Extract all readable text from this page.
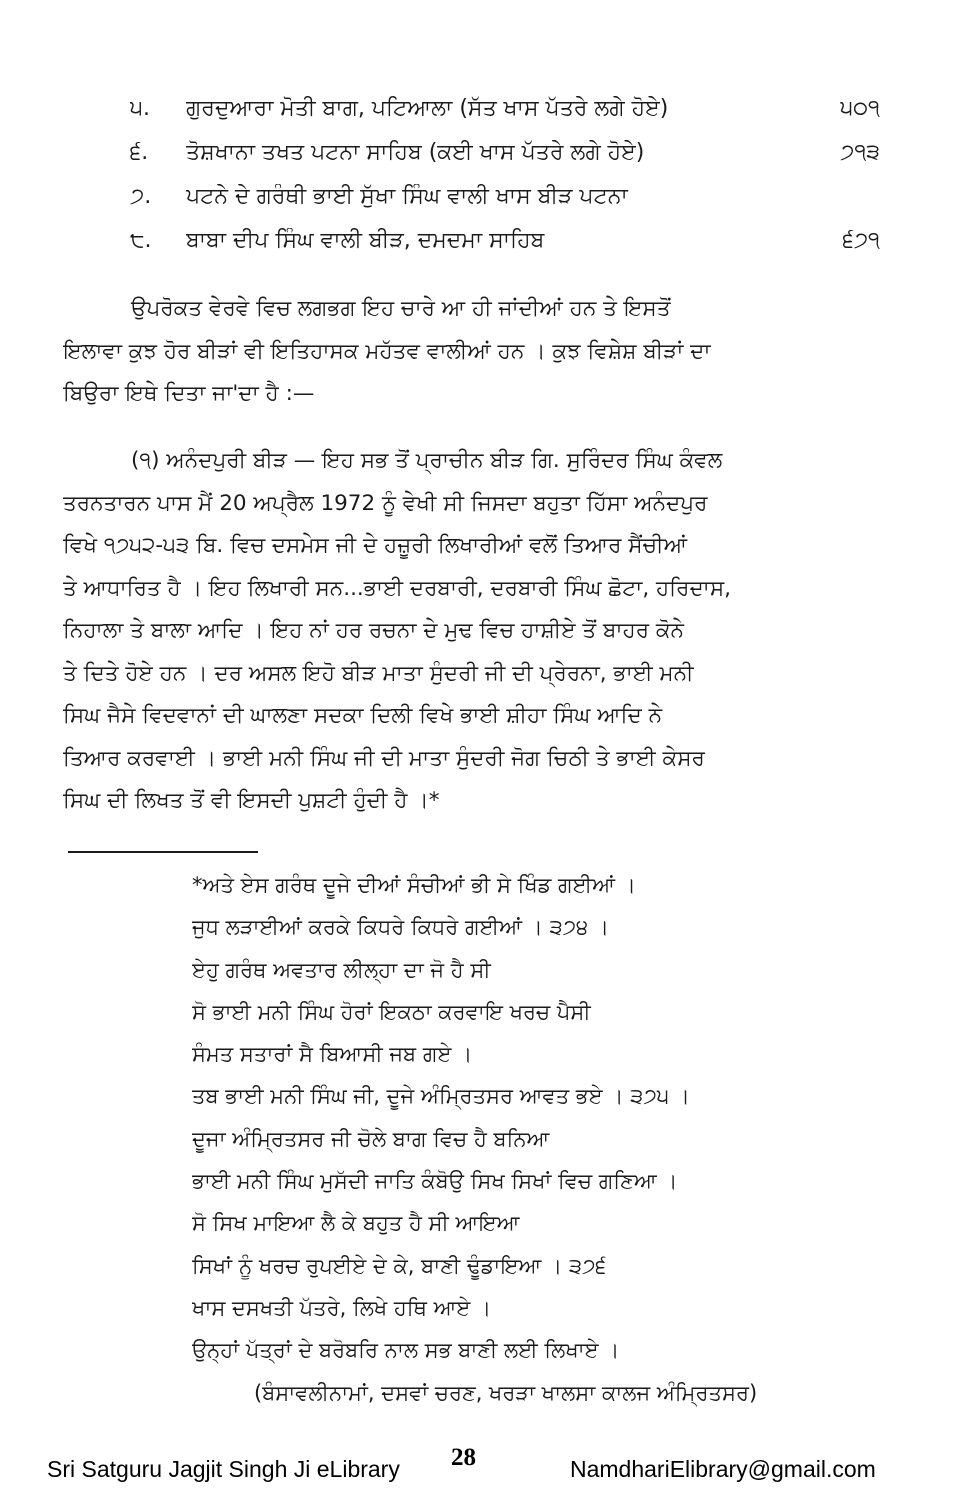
੫.	ਗੁਰਦੁਆਰਾ ਮੋਤੀ ਬਾਗ, ਪਟਿਆਲਾ (ਸੱਤ ਖਾਸ ਪੱਤਰੇ ਲਗੇ ਹੋਏ)	੫੦੧
੬.	ਤੋਸ਼ਖਾਨਾ ਤਖਤ ਪਟਨਾ ਸਾਹਿਬ (ਕਈ ਖਾਸ ਪੱਤਰੇ ਲਗੇ ਹੋਏ)	੭੧੩
੭.	ਪਟਨੇ ਦੇ ਗਰੰਥੀ ਭਾਈ ਸੁੱਖਾ ਸਿੰਘ ਵਾਲੀ ਖਾਸ ਬੀੜ ਪਟਨਾ
੮.	ਬਾਬਾ ਦੀਪ ਸਿੰਘ ਵਾਲੀ ਬੀੜ, ਦਮਦਮਾ ਸਾਹਿਬ	੬੭੧
ਉਪਰੋਕਤ ਵੇਰਵੇ ਵਿਚ ਲਗਭਗ ਇਹ ਚਾਰੇ ਆ ਹੀ ਜਾਂਦੀਆਂ ਹਨ ਤੇ ਇਸਤੋਂ
ਇਲਾਵਾ ਕੁਝ ਹੋਰ ਬੀੜਾਂ ਵੀ ਇਤਿਹਾਸਕ ਮਹੱਤਵ ਵਾਲੀਆਂ ਹਨ । ਕੁਝ ਵਿਸ਼ੇਸ਼ ਬੀੜਾਂ ਦਾ
ਬਿਉਰਾ ਇਥੇ ਦਿਤਾ ਜਾ'ਦਾ ਹੈ :—
(੧) ਅਨੰਦਪੁਰੀ ਬੀੜ — ਇਹ ਸਭ ਤੋਂ ਪ੍ਰਾਚੀਨ ਬੀੜ ਗਿ. ਸੁਰਿੰਦਰ ਸਿੰਘ ਕੰਵਲ
ਤਰਨਤਾਰਨ ਪਾਸ ਮੈਂ 20 ਅਪ੍ਰੈਲ 1972 ਨੂੰ ਵੇਖੀ ਸੀ ਜਿਸਦਾ ਬਹੁਤਾ ਹਿੱਸਾ ਅਨੰਦਪੁਰ
ਵਿਖੇ ੧੭੫੨-੫੩ ਬਿ. ਵਿਚ ਦਸਮੇਸ ਜੀ ਦੇ ਹਜ਼ੂਰੀ ਲਿਖਾਰੀਆਂ ਵਲੋਂ ਤਿਆਰ ਸੈਂਚੀਆਂ
ਤੇ ਆਧਾਰਿਤ ਹੈ । ਇਹ ਲਿਖਾਰੀ ਸਨ...ਭਾਈ ਦਰਬਾਰੀ, ਦਰਬਾਰੀ ਸਿੰਘ ਛੋਟਾ, ਹਰਿਦਾਸ,
ਨਿਹਾਲਾ ਤੇ ਬਾਲਾ ਆਦਿ । ਇਹ ਨਾਂ ਹਰ ਰਚਨਾ ਦੇ ਮੁਢ ਵਿਚ ਹਾਸ਼ੀਏ ਤੋਂ ਬਾਹਰ ਕੋਨੇ
ਤੇ ਦਿਤੇ ਹੋਏ ਹਨ । ਦਰ ਅਸਲ ਇਹੋ ਬੀੜ ਮਾਤਾ ਸੁੰਦਰੀ ਜੀ ਦੀ ਪ੍ਰੇਰਨਾ, ਭਾਈ ਮਨੀ
ਸਿਘ ਜੈਸੇ ਵਿਦਵਾਨਾਂ ਦੀ ਘਾਲਣਾ ਸਦਕਾ ਦਿਲੀ ਵਿਖੇ ਭਾਈ ਸ਼ੀਹਾ ਸਿੰਘ ਆਦਿ ਨੇ
ਤਿਆਰ ਕਰਵਾਈ । ਭਾਈ ਮਨੀ ਸਿੰਘ ਜੀ ਦੀ ਮਾਤਾ ਸੁੰਦਰੀ ਜੋਗ ਚਿਠੀ ਤੇ ਭਾਈ ਕੇਸਰ
ਸਿਘ ਦੀ ਲਿਖਤ ਤੋਂ ਵੀ ਇਸਦੀ ਪੁਸ਼ਟੀ ਹੁੰਦੀ ਹੈ ।*
*ਅਤੇ ਏਸ ਗਰੰਥ ਦੂਜੇ ਦੀਆਂ ਸੰਚੀਆਂ ਭੀ ਸੇ ਖਿੰਡ ਗਈਆਂ ।
ਜੁਧ ਲੜਾਈਆਂ ਕਰਕੇ ਕਿਧਰੇ ਕਿਧਰੇ ਗਈਆਂ । ੩੭੪ ।
ਏਹੁ ਗਰੰਥ ਅਵਤਾਰ ਲੀਲ੍ਹਾ ਦਾ ਜੋ ਹੈ ਸੀ
ਸੋ ਭਾਈ ਮਨੀ ਸਿੰਘ ਹੋਰਾਂ ਇਕਠਾ ਕਰਵਾਇ ਖਰਚ ਪੈਸੀ
ਸੰਮਤ ਸਤਾਰਾਂ ਸੈ ਬਿਆਸੀ ਜਬ ਗਏ ।
ਤਬ ਭਾਈ ਮਨੀ ਸਿੰਘ ਜੀ, ਦੂਜੇ ਅੰਮ੍ਰਿਤਸਰ ਆਵਤ ਭਏ । ੩੭੫ ।
ਦੂਜਾ ਅੰਮ੍ਰਿਤਸਰ ਜੀ ਚੋਲੇ ਬਾਗ ਵਿਚ ਹੈ ਬਨਿਆ
ਭਾਈ ਮਨੀ ਸਿੰਘ ਮੁਸੱਦੀ ਜਾਤਿ ਕੰਬੋਉ ਸਿਖ ਸਿਖਾਂ ਵਿਚ ਗਣਿਆ ।
ਸੋ ਸਿਖ ਮਾਇਆ ਲੈ ਕੇ ਬਹੁਤ ਹੈ ਸੀ ਆਇਆ
ਸਿਖਾਂ ਨੂੰ ਖਰਚ ਰੁਪਈਏ ਦੇ ਕੇ, ਬਾਣੀ ਢੂੰਡਾਇਆ । ੩੭੬
ਖਾਸ ਦਸਖਤੀ ਪੱਤਰੇ, ਲਿਖੇ ਹਥਿ ਆਏ ।
ਉਨ੍ਹਾਂ ਪੱਤ੍ਰਾਂ ਦੇ ਬਰੋਬਰਿ ਨਾਲ ਸਭ ਬਾਣੀ ਲਈ ਲਿਖਾਏ ।
(ਬੰਸਾਵਲੀਨਾਮਾਂ, ਦਸਵਾਂ ਚਰਣ, ਖਰੜਾ ਖਾਲਸਾ ਕਾਲਜ ਅੰਮ੍ਰਿਤਸਰ)
Sri Satguru Jagjit Singh Ji eLibrary 28	NamdhariElibrary@gmail.com
